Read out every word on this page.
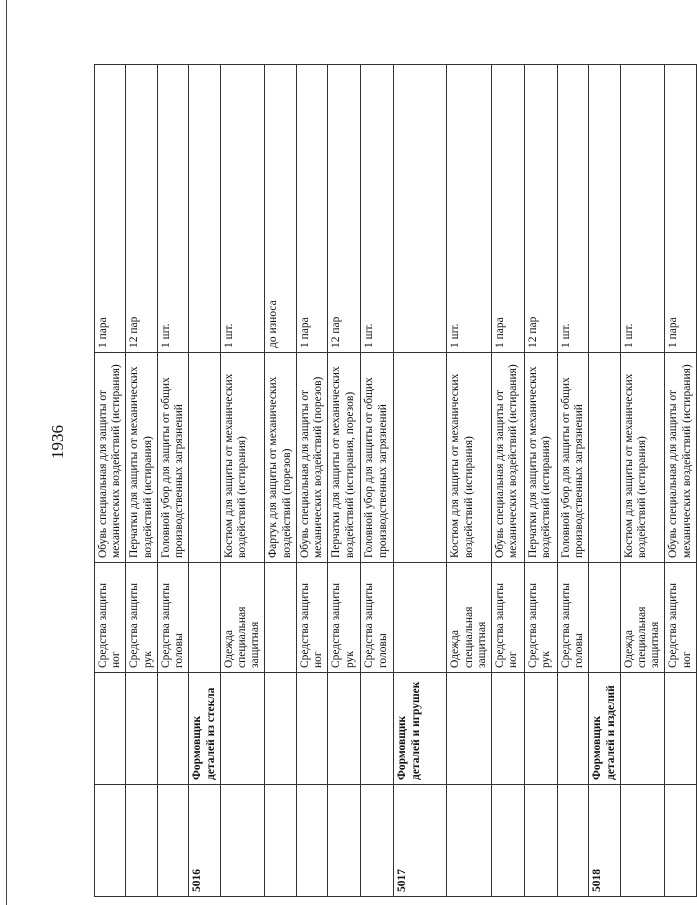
1936
		Средства защиты ног	Обувь специальная для защиты от механических воздействий (истирания)	1 пара
		Средства защиты рук	Перчатки для защиты от механических воздействий (истирания)	12 пар
		Средства защиты головы	Головной убор для защиты от общих производственных загрязнений	1 шт.
5016	Формовщик деталей из стекла			
		Одежда специальная защитная	Костюм для защиты от механических воздействий (истирания)	1 шт.
			Фартук для защиты от механических воздействий (порезов)	до износа
		Средства защиты ног	Обувь специальная для защиты от механических воздействий (порезов)	1 пара
		Средства защиты рук	Перчатки для защиты от механических воздействий (истирания, порезов)	12 пар
		Средства защиты головы	Головной убор для защиты от общих производственных загрязнений	1 шт.
5017	Формовщик деталей и игрушек			
		Одежда специальная защитная	Костюм для защиты от механических воздействий (истирания)	1 шт.
		Средства защиты ног	Обувь специальная для защиты от механических воздействий (истирания)	1 пара
		Средства защиты рук	Перчатки для защиты от механических воздействий (истирания)	12 пар
		Средства защиты головы	Головной убор для защиты от общих производственных загрязнений	1 шт.
5018	Формовщик деталей и изделий			
		Одежда специальная защитная	Костюм для защиты от механических воздействий (истирания)	1 шт.
		Средства защиты ног	Обувь специальная для защиты от механических воздействий (истирания)	1 пара
